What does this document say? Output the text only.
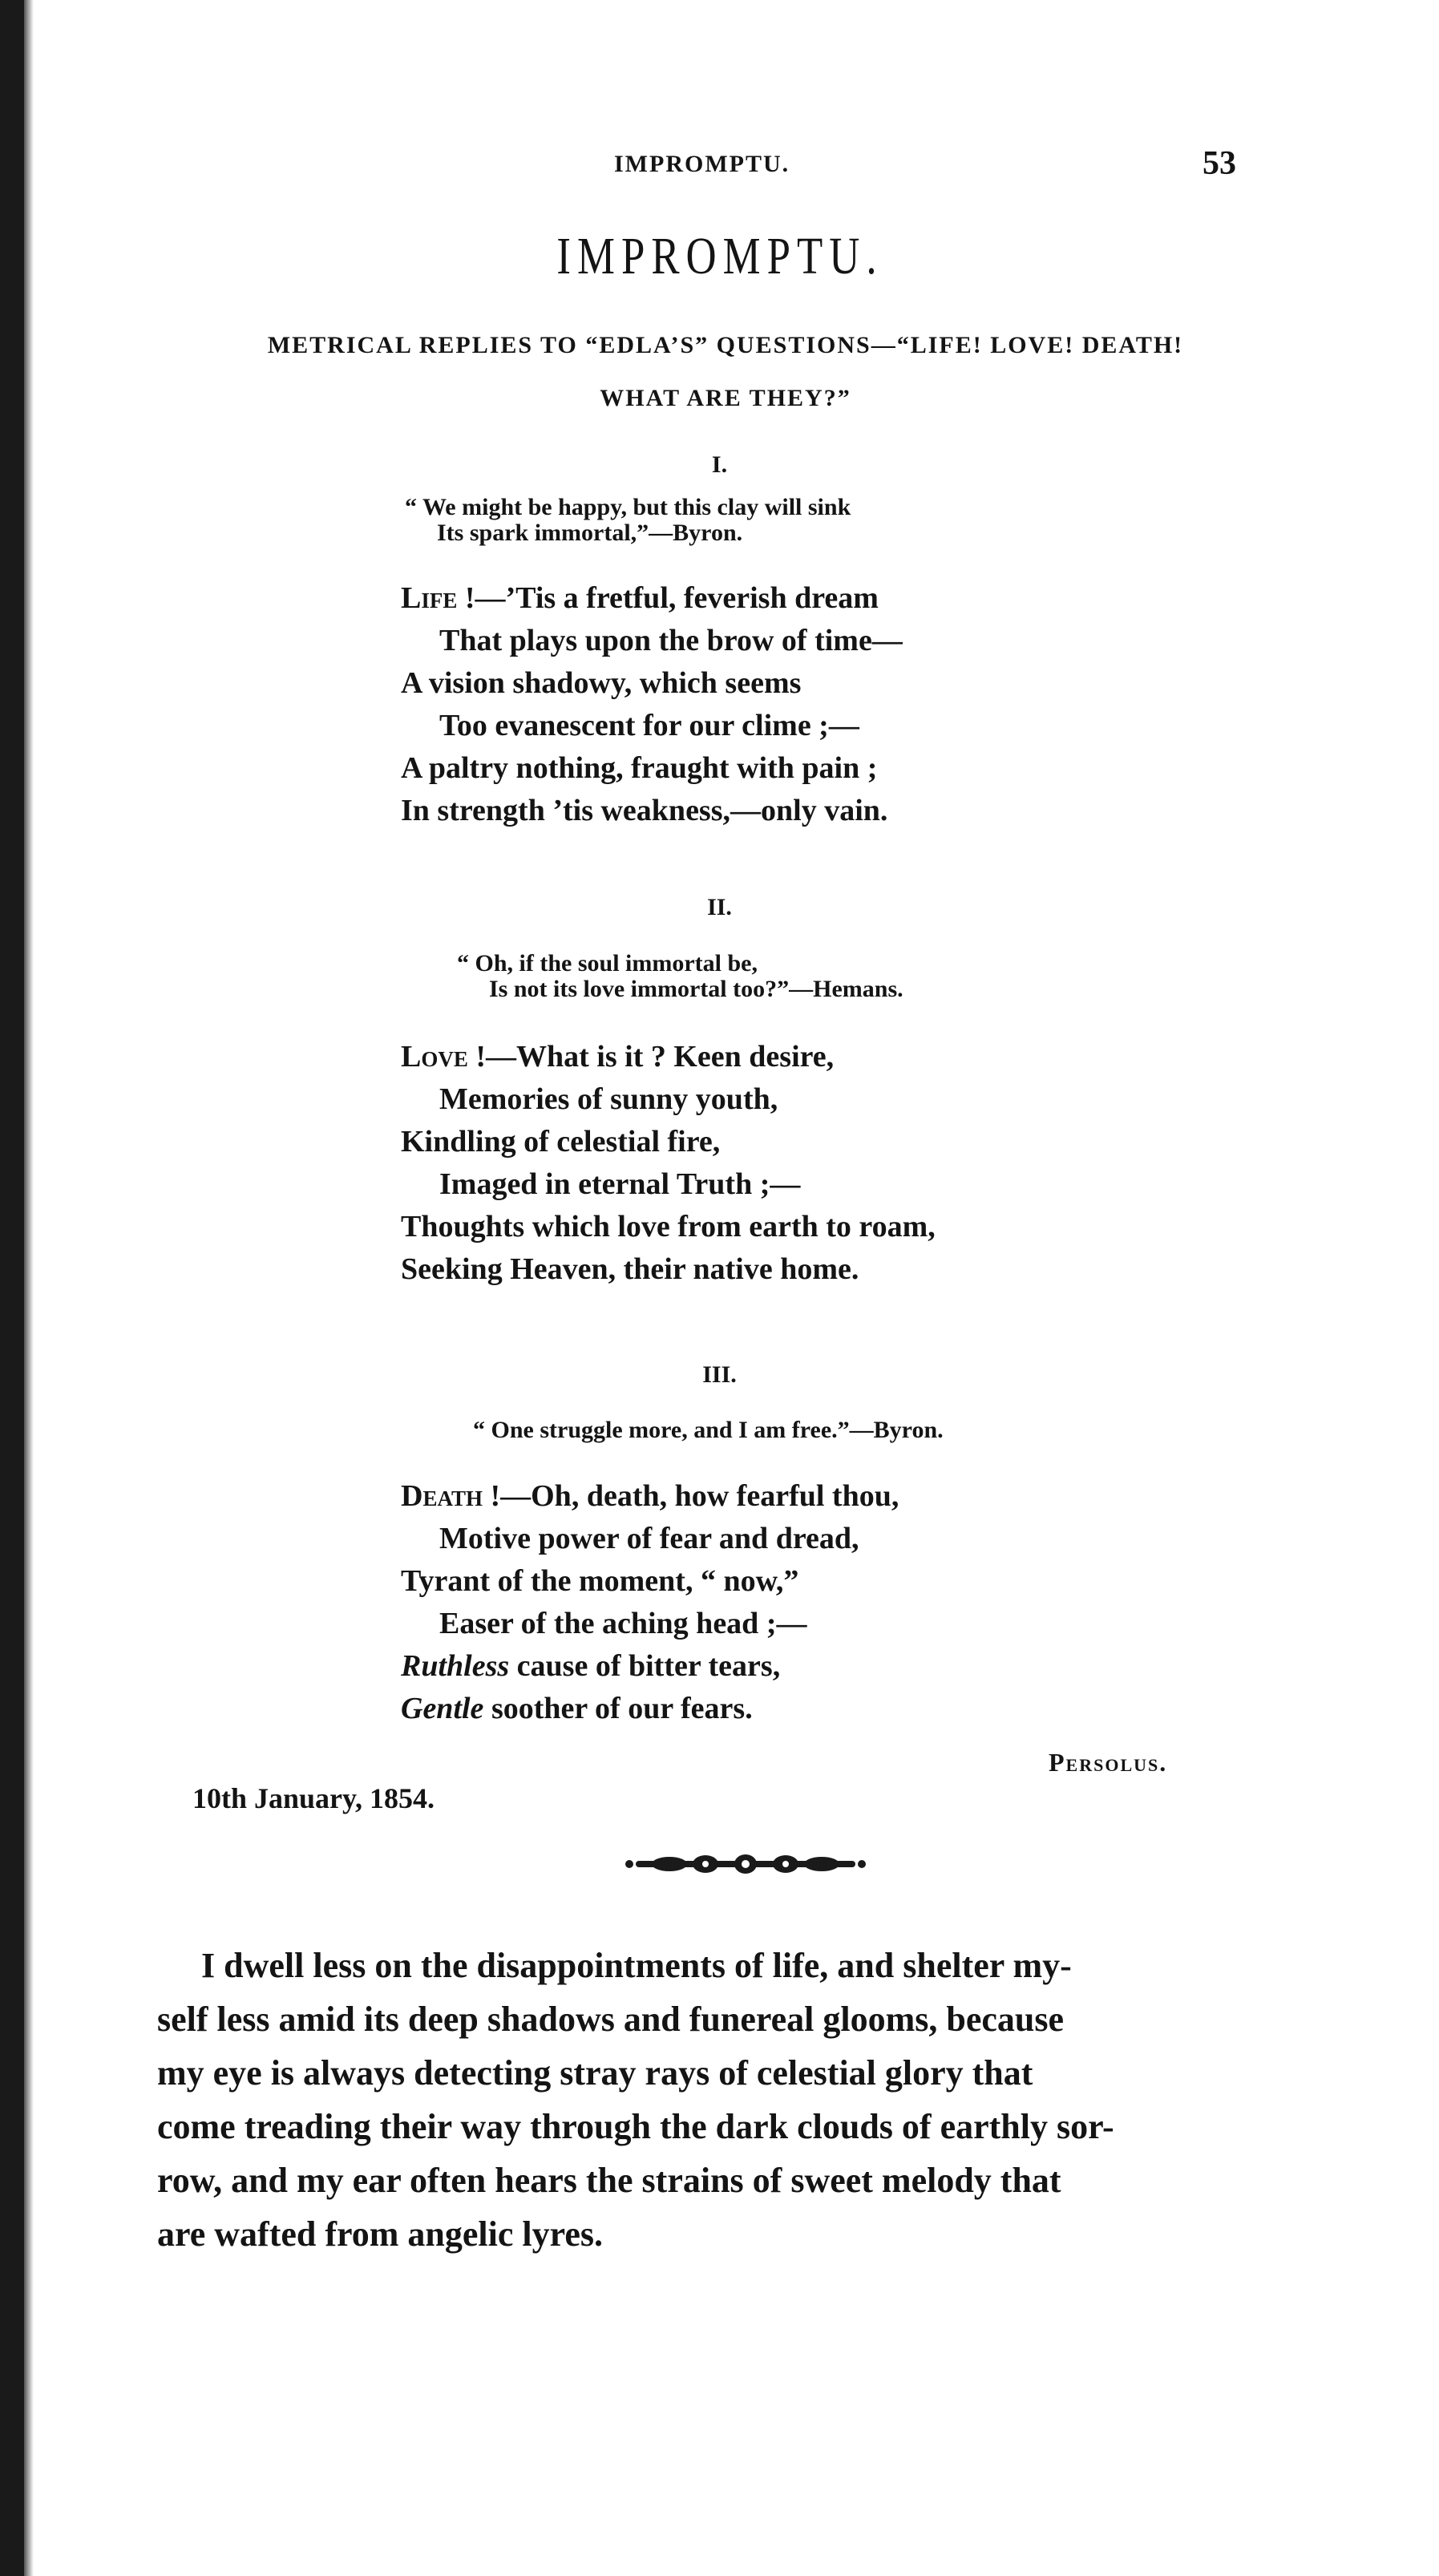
IMPROMPTU.	53
IMPROMPTU.
METRICAL REPLIES TO “EDLA’S” QUESTIONS—“LIFE! LOVE! DEATH!
WHAT ARE THEY?”
I.
“ We might be happy, but this clay will sink
Its spark immortal,”—Byron.
Life !—’Tis a fretful, feverish dream
That plays upon the brow of time—
A vision shadowy, which seems
Too evanescent for our clime ;—
A paltry nothing, fraught with pain ;
In strength ’tis weakness,—only vain.
II.
“ Oh, if the soul immortal be,
Is not its love immortal too?”—Hemans.
Love !—What is it ? Keen desire,
Memories of sunny youth,
Kindling of celestial fire,
Imaged in eternal Truth ;—
Thoughts which love from earth to roam,
Seeking Heaven, their native home.
III.
“ One struggle more, and I am free.”—Byron.
Death !—Oh, death, how fearful thou,
Motive power of fear and dread,
Tyrant of the moment, “ now,”
Easer of the aching head ;—
Ruthless cause of bitter tears,
Gentle soother of our fears.
Persolus.
10th January, 1854.
I dwell less on the disappointments of life, and shelter my-
self less amid its deep shadows and funereal glooms, because
my eye is always detecting stray rays of celestial glory that
come treading their way through the dark clouds of earthly sor-
row, and my ear often hears the strains of sweet melody that
are wafted from angelic lyres.
